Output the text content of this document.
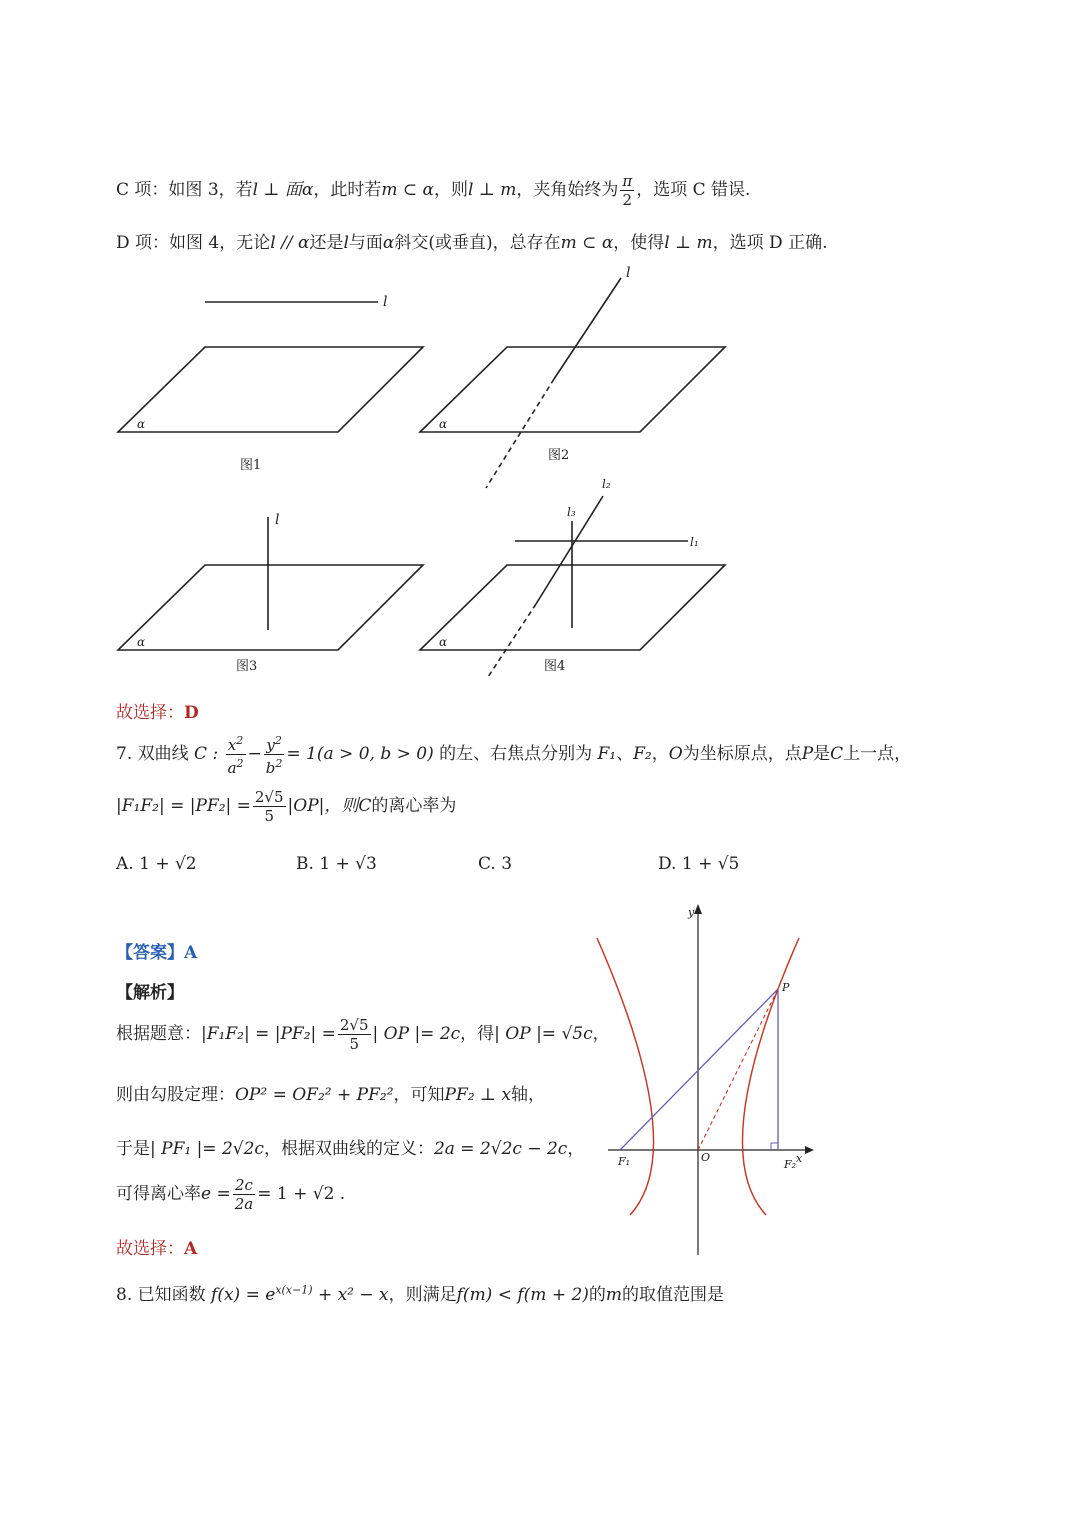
C 项：如图 3，若l ⊥ 面α，此时若m ⊂ α，则l ⊥ m，夹角始终为 $\frac{\pi}{2}$ ，选项 C 错误.
D 项：如图 4，无论l // α还是l与面α斜交(或垂直)，总存在m ⊂ α，使得l ⊥ m，选项 D 正确.
l
α
l
α
l
α
l₂
l₃
l₁
α
图1
图2
图3	图4
故选择：D
7. 双曲线 C : $\frac{x^2}{a^2} - \frac{y^2}{b^2} = 1(a > 0$, b > 0) 的左、右焦点分别为 F₁、F₂，O为坐标原点，点P是C上一点，
$|F_1F_2| = |PF_2| = \frac{2√5}{5} |OP|$，则C的离心率为
A. 1 + √2	B. 1 + √3	C. 3	D. 1 + √5
【答案】A
【解析】
根据题意：$|F_1F_2| = |PF_2| = \frac{2√5}{5}$ | OP |= 2c，得| OP |= √5c，
则由勾股定理：OP² = OF₂² + PF₂²，可知PF₂ ⊥ x轴，
于是| PF₁ |= 2√2c，根据双曲线的定义：2a = 2√2c − 2c，
可得离心率$e = \frac{2c}{2a} = 1 + √2$ .
故选择：A
y
x
P
F₁	O
F₂
8. 已知函数 $f(x) = e^{x(x-1)} + x^2 - x$，则满足f(m) < f(m + 2)的m的取值范围是
